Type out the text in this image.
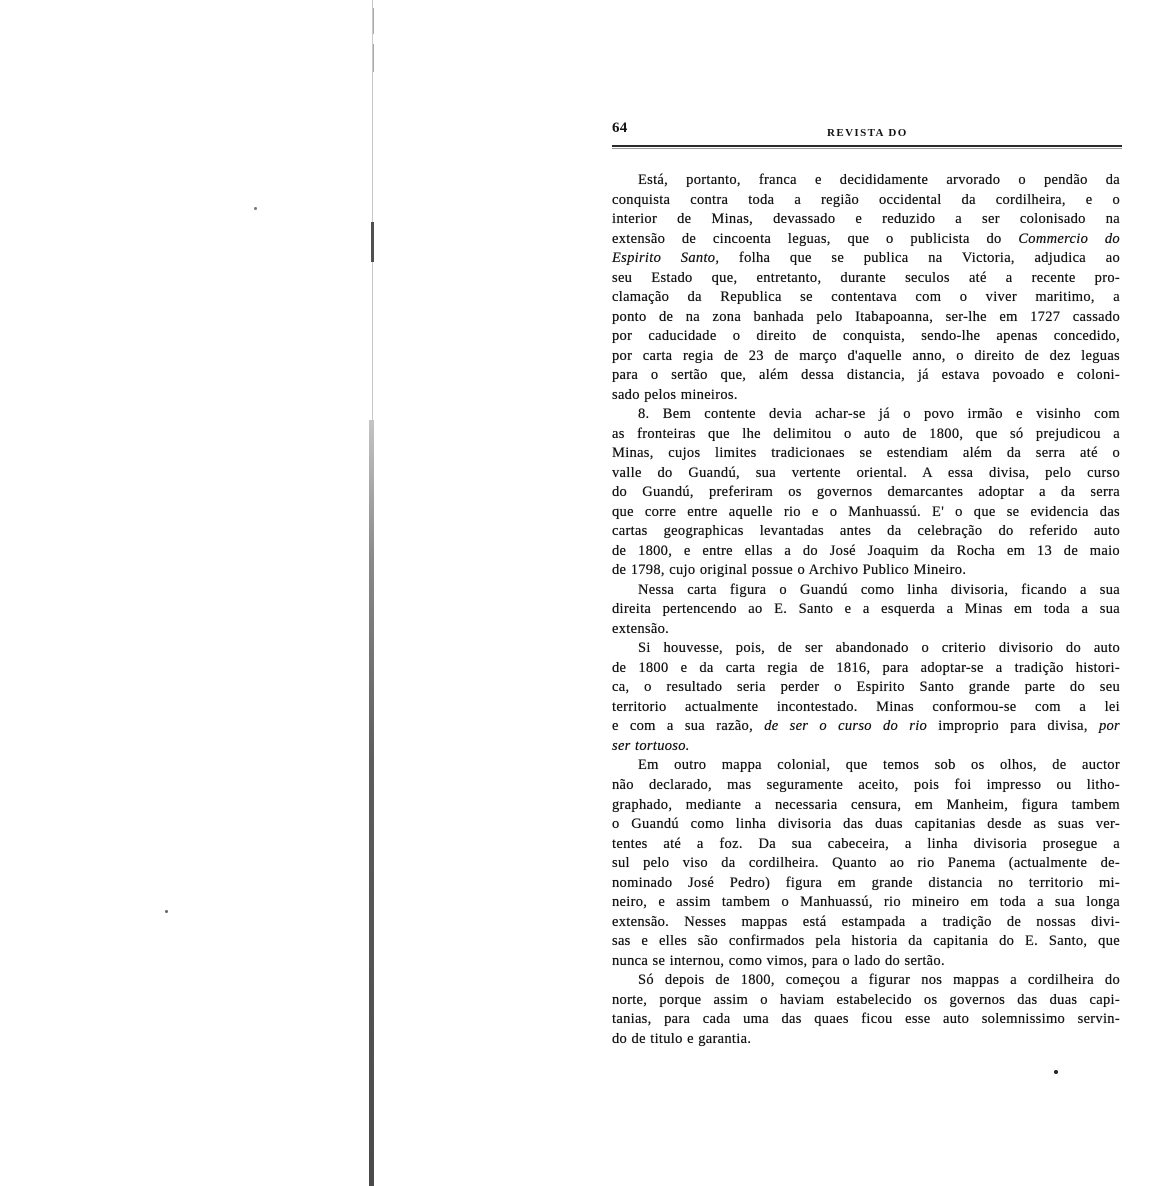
64	REVISTA DO
Está, portanto, franca e decididamente arvorado o pendão da
conquista contra toda a região occidental da cordilheira, e o
interior de Minas, devassado e reduzido a ser colonisado na
extensão de cincoenta leguas, que o publicista do Commercio do
Espirito Santo, folha que se publica na Victoria, adjudica ao
seu Estado que, entretanto, durante seculos até a recente pro-
clamação da Republica se contentava com o viver maritimo, a
ponto de na zona banhada pelo Itabapoanna, ser-lhe em 1727 cassado
por caducidade o direito de conquista, sendo-lhe apenas concedido,
por carta regia de 23 de março d'aquelle anno, o direito de dez leguas
para o sertão que, além dessa distancia, já estava povoado e coloni-
sado pelos mineiros.
8. Bem contente devia achar-se já o povo irmão e visinho com
as fronteiras que lhe delimitou o auto de 1800, que só prejudicou a
Minas, cujos limites tradicionaes se estendiam além da serra até o
valle do Guandú, sua vertente oriental. A essa divisa, pelo curso
do Guandú, preferiram os governos demarcantes adoptar a da serra
que corre entre aquelle rio e o Manhuassú. E' o que se evidencia das
cartas geographicas levantadas antes da celebração do referido auto
de 1800, e entre ellas a do José Joaquim da Rocha em 13 de maio
de 1798, cujo original possue o Archivo Publico Mineiro.
Nessa carta figura o Guandú como linha divisoria, ficando a sua
direita pertencendo ao E. Santo e a esquerda a Minas em toda a sua
extensão.
Si houvesse, pois, de ser abandonado o criterio divisorio do auto
de 1800 e da carta regia de 1816, para adoptar-se a tradição histori-
ca, o resultado seria perder o Espirito Santo grande parte do seu
territorio actualmente incontestado. Minas conformou-se com a lei
e com a sua razão, de ser o curso do rio improprio para divisa, por
ser tortuoso.
Em outro mappa colonial, que temos sob os olhos, de auctor
não declarado, mas seguramente aceito, pois foi impresso ou litho-
graphado, mediante a necessaria censura, em Manheim, figura tambem
o Guandú como linha divisoria das duas capitanias desde as suas ver-
tentes até a foz. Da sua cabeceira, a linha divisoria prosegue a
sul pelo viso da cordilheira. Quanto ao rio Panema (actualmente de-
nominado José Pedro) figura em grande distancia no territorio mi-
neiro, e assim tambem o Manhuassú, rio mineiro em toda a sua longa
extensão. Nesses mappas está estampada a tradição de nossas divi-
sas e elles são confirmados pela historia da capitania do E. Santo, que
nunca se internou, como vimos, para o lado do sertão.
Só depois de 1800, começou a figurar nos mappas a cordilheira do
norte, porque assim o haviam estabelecido os governos das duas capi-
tanias, para cada uma das quaes ficou esse auto solemnissimo servin-
do de titulo e garantia.
